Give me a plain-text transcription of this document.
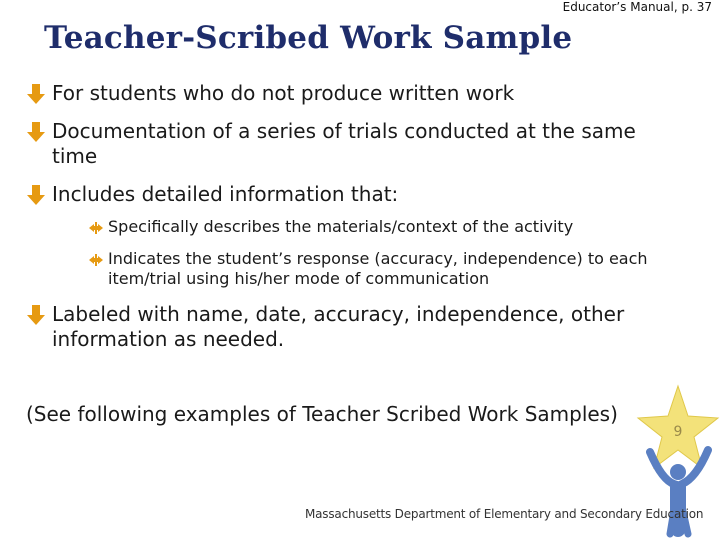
Educator’s Manual, p. 37
Teacher-Scribed Work Sample
For students who do not produce written work
Documentation of a series of trials conducted at the same time
Includes detailed information that:
Specifically describes the materials/context of the activity
Indicates the student’s response (accuracy, independence) to each item/trial using his/her mode of communication
Labeled with name, date, accuracy, independence, other information as needed.
(See following examples of Teacher Scribed Work Samples)
9
Massachusetts Department of Elementary and Secondary Education
